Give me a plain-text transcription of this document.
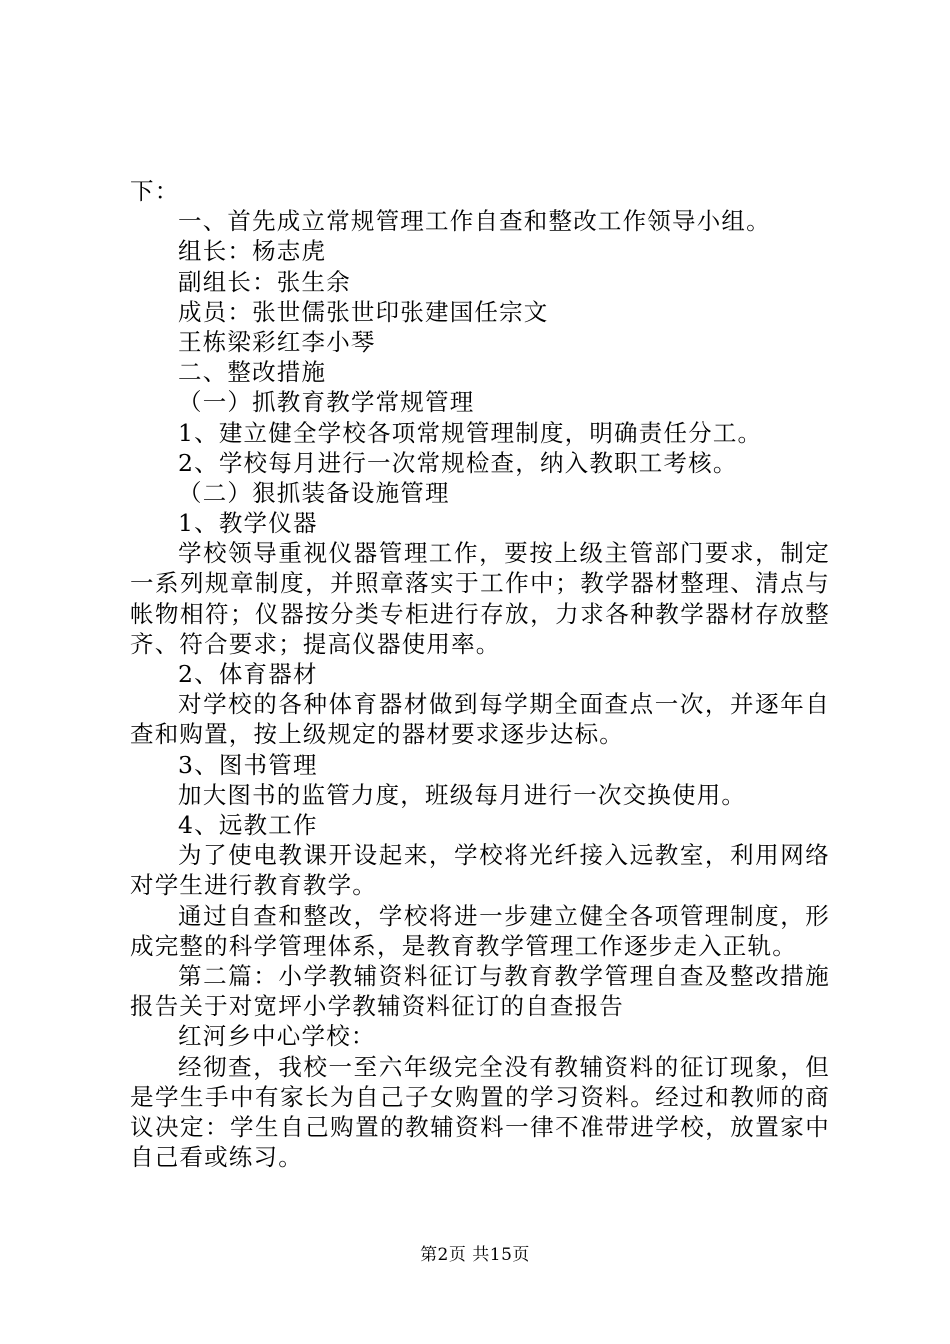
下：
一、首先成立常规管理工作自查和整改工作领导小组。
组长：杨志虎
副组长：张生余
成员：张世儒张世印张建国任宗文
王栋梁彩红李小琴
二、整改措施
（一）抓教育教学常规管理
1、建立健全学校各项常规管理制度，明确责任分工。
2、学校每月进行一次常规检查，纳入教职工考核。
（二）狠抓装备设施管理
1、教学仪器
学校领导重视仪器管理工作，要按上级主管部门要求，制定一系列规章制度，并照章落实于工作中；教学器材整理、清点与帐物相符；仪器按分类专柜进行存放，力求各种教学器材存放整齐、符合要求；提高仪器使用率。
2、体育器材
对学校的各种体育器材做到每学期全面查点一次，并逐年自查和购置，按上级规定的器材要求逐步达标。
3、图书管理
加大图书的监管力度，班级每月进行一次交换使用。
4、远教工作
为了使电教课开设起来，学校将光纤接入远教室，利用网络对学生进行教育教学。
通过自查和整改，学校将进一步建立健全各项管理制度，形成完整的科学管理体系，是教育教学管理工作逐步走入正轨。
第二篇：小学教辅资料征订与教育教学管理自查及整改措施报告关于对宽坪小学教辅资料征订的自查报告
红河乡中心学校：
经彻查，我校一至六年级完全没有教辅资料的征订现象，但是学生手中有家长为自己子女购置的学习资料。经过和教师的商议决定：学生自己购置的教辅资料一律不准带进学校，放置家中自己看或练习。
第2页 共15页
